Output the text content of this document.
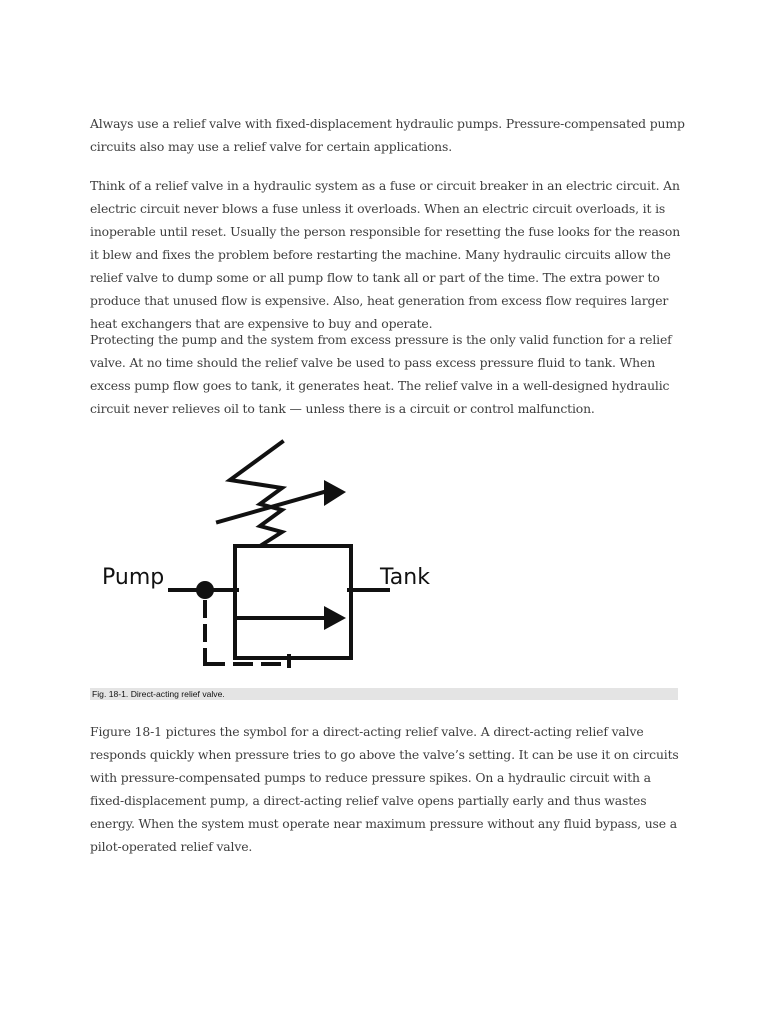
Always use a relief valve with fixed-displacement hydraulic pumps. Pressure-compensated pump circuits also may use a relief valve for certain applications.

Think of a relief valve in a hydraulic system as a fuse or circuit breaker in an electric circuit. An electric circuit never blows a fuse unless it overloads. When an electric circuit overloads, it is inoperable until reset. Usually the person responsible for resetting the fuse looks for the reason it blew and fixes the problem before restarting the machine. Many hydraulic circuits allow the relief valve to dump some or all pump flow to tank all or part of the time. The extra power to produce that unused flow is expensive. Also, heat generation from excess flow requires larger heat exchangers that are expensive to buy and operate.

Protecting the pump and the system from excess pressure is the only valid function for a relief valve. At no time should the relief valve be used to pass excess pressure fluid to tank. When excess pump flow goes to tank, it generates heat. The relief valve in a well-designed hydraulic circuit never relieves oil to tank — unless there is a circuit or control malfunction.

Pump	Tank
Fig. 18-1. Direct-acting relief valve.

Figure 18-1 pictures the symbol for a direct-acting relief valve. A direct-acting relief valve responds quickly when pressure tries to go above the valve’s setting. It can be use it on circuits with pressure-compensated pumps to reduce pressure spikes. On a hydraulic circuit with a fixed-displacement pump, a direct-acting relief valve opens partially early and thus wastes energy. When the system must operate near maximum pressure without any fluid bypass, use a pilot-operated relief valve.
